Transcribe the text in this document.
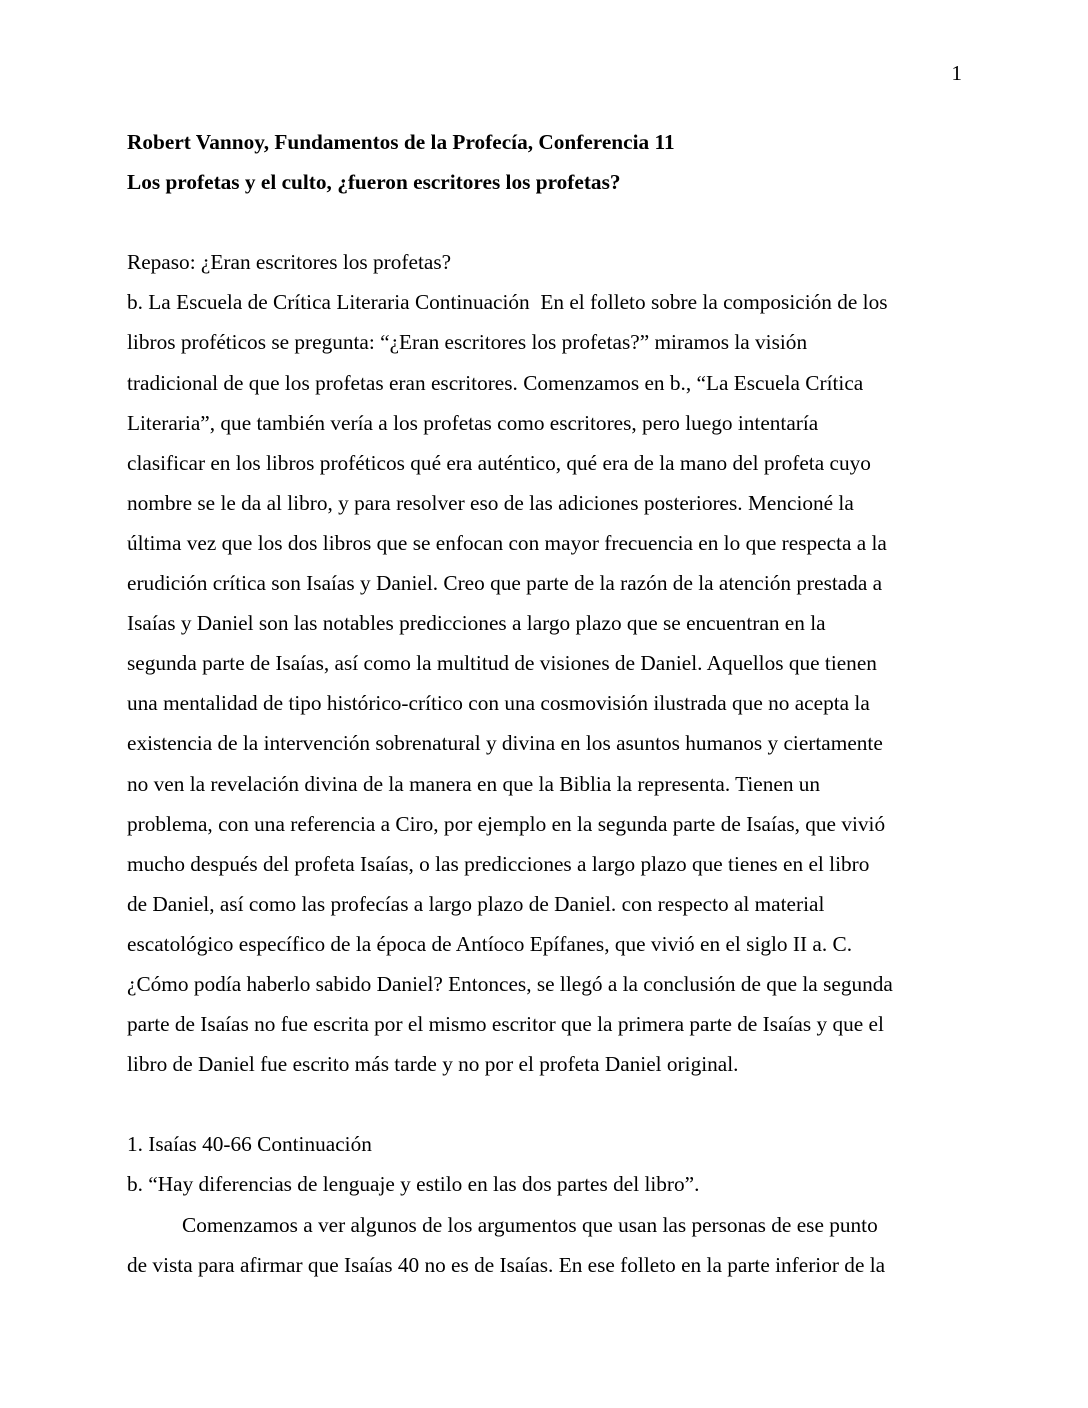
1
Robert Vannoy, Fundamentos de la Profecía, Conferencia 11
Los profetas y el culto, ¿fueron escritores los profetas?
Repaso: ¿Eran escritores los profetas?
b. La Escuela de Crítica Literaria Continuación  En el folleto sobre la composición de los
libros proféticos se pregunta: “¿Eran escritores los profetas?” miramos la visión
tradicional de que los profetas eran escritores. Comenzamos en b., “La Escuela Crítica
Literaria”, que también vería a los profetas como escritores, pero luego intentaría
clasificar en los libros proféticos qué era auténtico, qué era de la mano del profeta cuyo
nombre se le da al libro, y para resolver eso de las adiciones posteriores. Mencioné la
última vez que los dos libros que se enfocan con mayor frecuencia en lo que respecta a la
erudición crítica son Isaías y Daniel. Creo que parte de la razón de la atención prestada a
Isaías y Daniel son las notables predicciones a largo plazo que se encuentran en la
segunda parte de Isaías, así como la multitud de visiones de Daniel. Aquellos que tienen
una mentalidad de tipo histórico-crítico con una cosmovisión ilustrada que no acepta la
existencia de la intervención sobrenatural y divina en los asuntos humanos y ciertamente
no ven la revelación divina de la manera en que la Biblia la representa. Tienen un
problema, con una referencia a Ciro, por ejemplo en la segunda parte de Isaías, que vivió
mucho después del profeta Isaías, o las predicciones a largo plazo que tienes en el libro
de Daniel, así como las profecías a largo plazo de Daniel. con respecto al material
escatológico específico de la época de Antíoco Epífanes, que vivió en el siglo II a. C.
¿Cómo podía haberlo sabido Daniel? Entonces, se llegó a la conclusión de que la segunda
parte de Isaías no fue escrita por el mismo escritor que la primera parte de Isaías y que el
libro de Daniel fue escrito más tarde y no por el profeta Daniel original.
1. Isaías 40-66 Continuación
b. “Hay diferencias de lenguaje y estilo en las dos partes del libro”.
Comenzamos a ver algunos de los argumentos que usan las personas de ese punto
de vista para afirmar que Isaías 40 no es de Isaías. En ese folleto en la parte inferior de la
